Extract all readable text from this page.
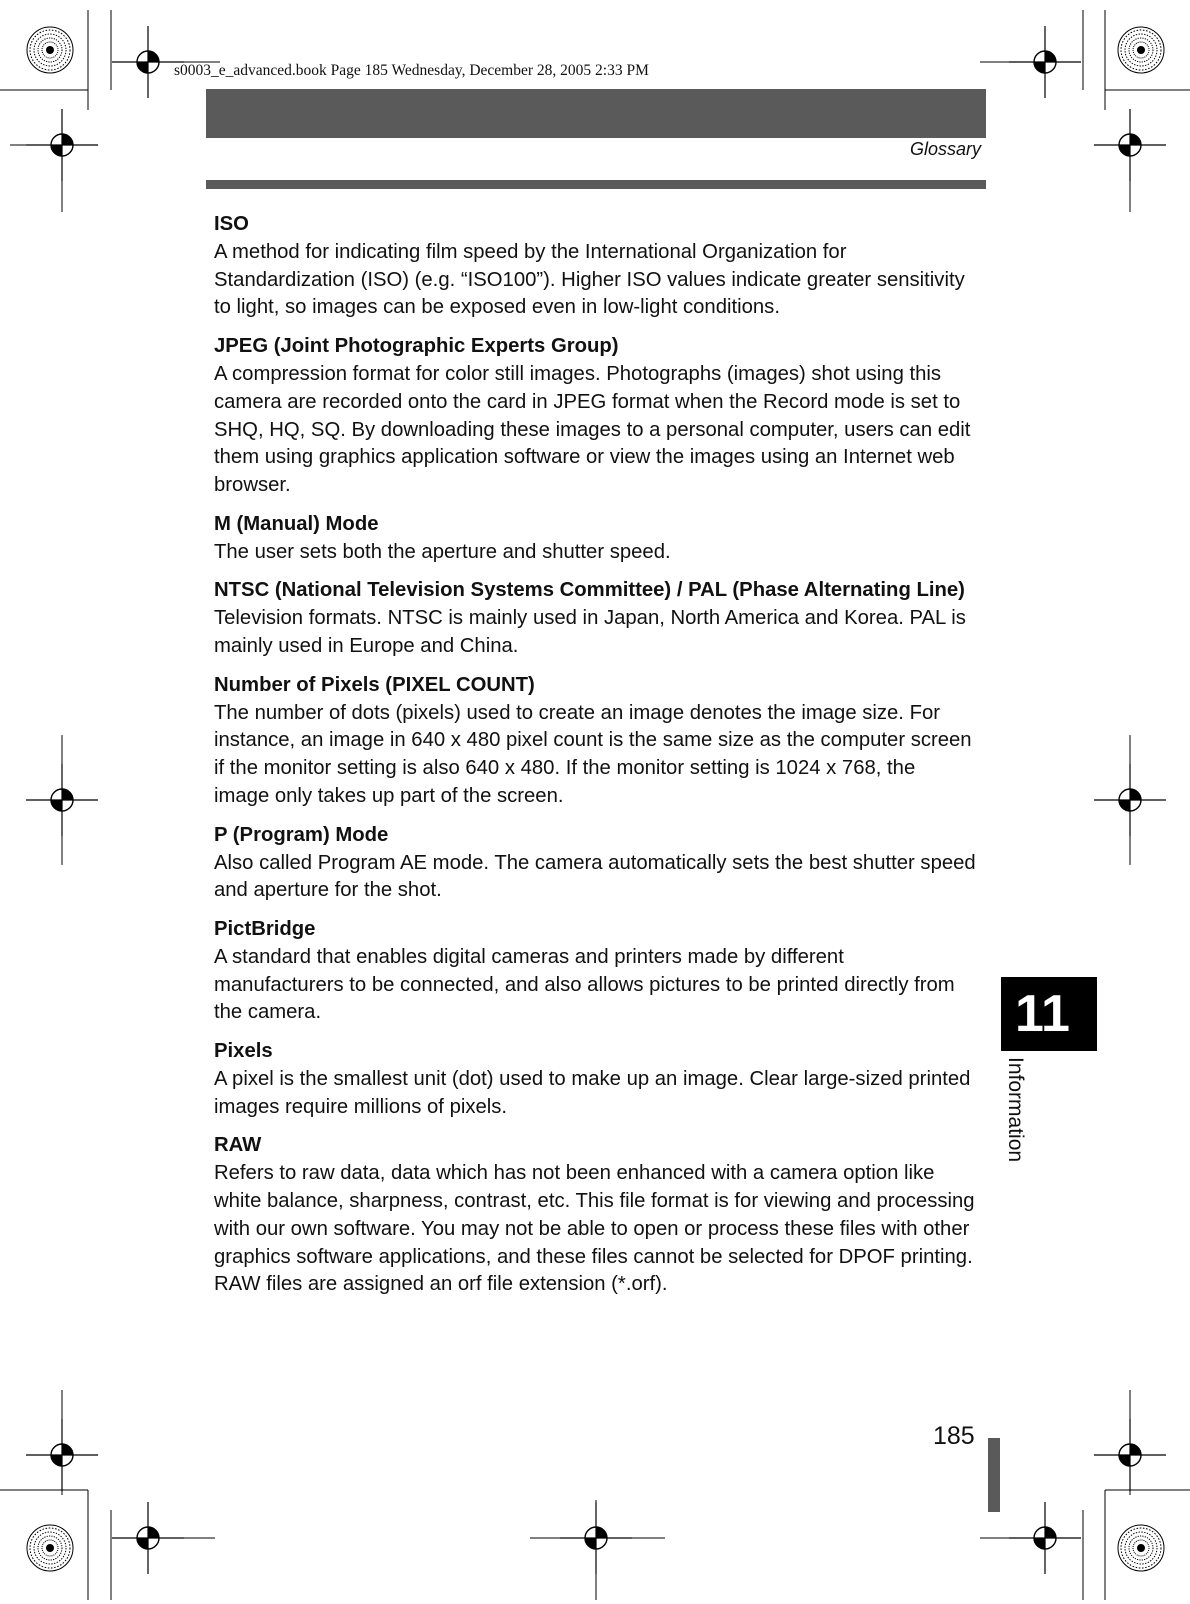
s0003_e_advanced.book Page 185 Wednesday, December 28, 2005 2:33 PM
Glossary
ISO
A method for indicating film speed by the International Organization for Standardization (ISO) (e.g. “ISO100”). Higher ISO values indicate greater sensitivity to light, so images can be exposed even in low-light conditions.
JPEG (Joint Photographic Experts Group)
A compression format for color still images. Photographs (images) shot using this camera are recorded onto the card in JPEG format when the Record mode is set to SHQ, HQ, SQ. By downloading these images to a personal computer, users can edit them using graphics application software or view the images using an Internet web browser.
M (Manual) Mode
The user sets both the aperture and shutter speed.
NTSC (National Television Systems Committee) / PAL (Phase Alternating Line)
Television formats. NTSC is mainly used in Japan, North America and Korea. PAL is mainly used in Europe and China.
Number of Pixels (PIXEL COUNT)
The number of dots (pixels) used to create an image denotes the image size. For instance, an image in 640 x 480 pixel count is the same size as the computer screen if the monitor setting is also 640 x 480. If the monitor setting is 1024 x 768, the image only takes up part of the screen.
P (Program) Mode
Also called Program AE mode. The camera automatically sets the best shutter speed and aperture for the shot.
PictBridge
A standard that enables digital cameras and printers made by different manufacturers to be connected, and also allows pictures to be printed directly from the camera.
Pixels
A pixel is the smallest unit (dot) used to make up an image. Clear large-sized printed images require millions of pixels.
RAW
Refers to raw data, data which has not been enhanced with a camera option like white balance, sharpness, contrast, etc. This file format is for viewing and processing with our own software. You may not be able to open or process these files with other graphics software applications, and these files cannot be selected for DPOF printing. RAW files are assigned an orf file extension (*.orf).
11
Information
185
